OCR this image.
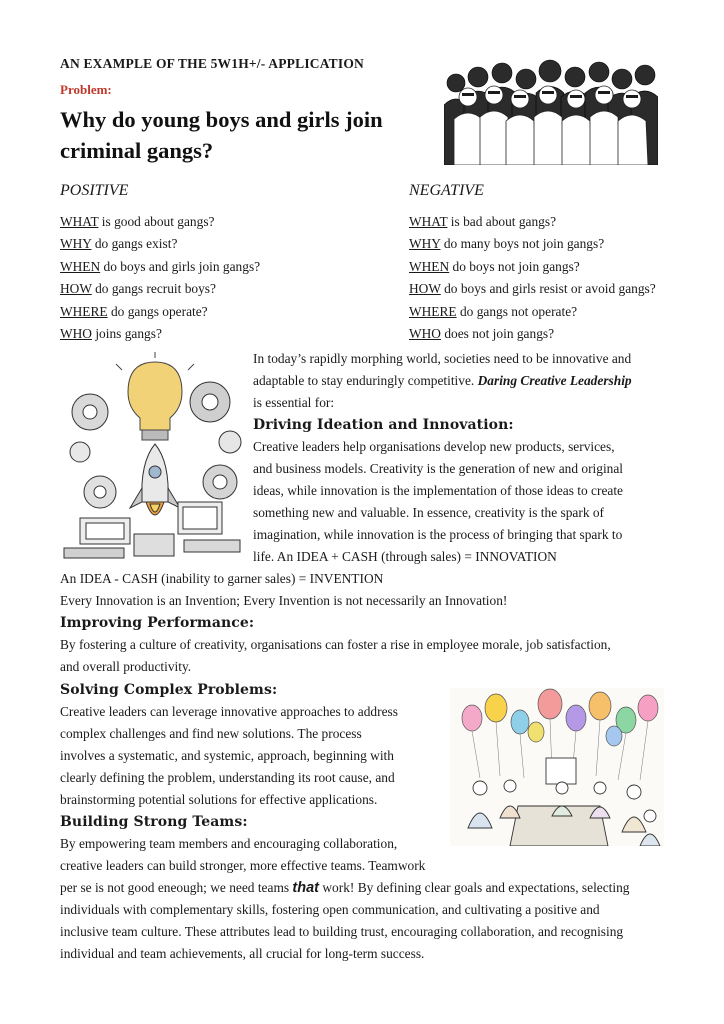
AN EXAMPLE OF THE 5W1H+/- APPLICATION
Problem:
Why do young boys and girls join criminal gangs?
POSITIVE	NEGATIVE
WHAT is good about gangs?
WHY do gangs exist?
WHEN do boys and girls join gangs?
HOW do gangs recruit boys?
WHERE do gangs operate?
WHO joins gangs?
WHAT is bad about gangs?
WHY do many boys not join gangs?
WHEN do boys not join gangs?
HOW do boys and girls resist or avoid gangs?
WHERE do gangs not operate?
WHO does not join gangs?

In today’s rapidly morphing world, societies need to be innovative and

adaptable to stay enduringly competitive. Daring Creative Leadership

is essential for:

Driving Ideation and Innovation:

Creative leaders help organisations develop new products, services,

and business models. Creativity is the generation of new and original

ideas, while innovation is the implementation of those ideas to create

something new and valuable. In essence, creativity is the spark of

imagination, while innovation is the process of bringing that spark to

life. An IDEA + CASH (through sales) = INNOVATION

An IDEA - CASH (inability to garner sales) = INVENTION

Every Innovation is an Invention; Every Invention is not necessarily an Innovation!

Improving Performance:

By fostering a culture of creativity, organisations can foster a rise in employee morale, job satisfaction,

and overall productivity.

Solving Complex Problems:

Creative leaders can leverage innovative approaches to address

complex challenges and find new solutions. The process

involves a systematic, and systemic, approach, beginning with

clearly defining the problem, understanding its root cause, and

brainstorming potential solutions for effective applications.

Building Strong Teams:

By empowering team members and encouraging collaboration,

creative leaders can build stronger, more effective teams. Teamwork

per se is not good eneough; we need teams that work! By defining clear goals and expectations, selecting

individuals with complementary skills, fostering open communication, and cultivating a positive and

inclusive team culture. These attributes lead to building trust, encouraging collaboration, and recognising

individual and team achievements, all crucial for long-term success.
